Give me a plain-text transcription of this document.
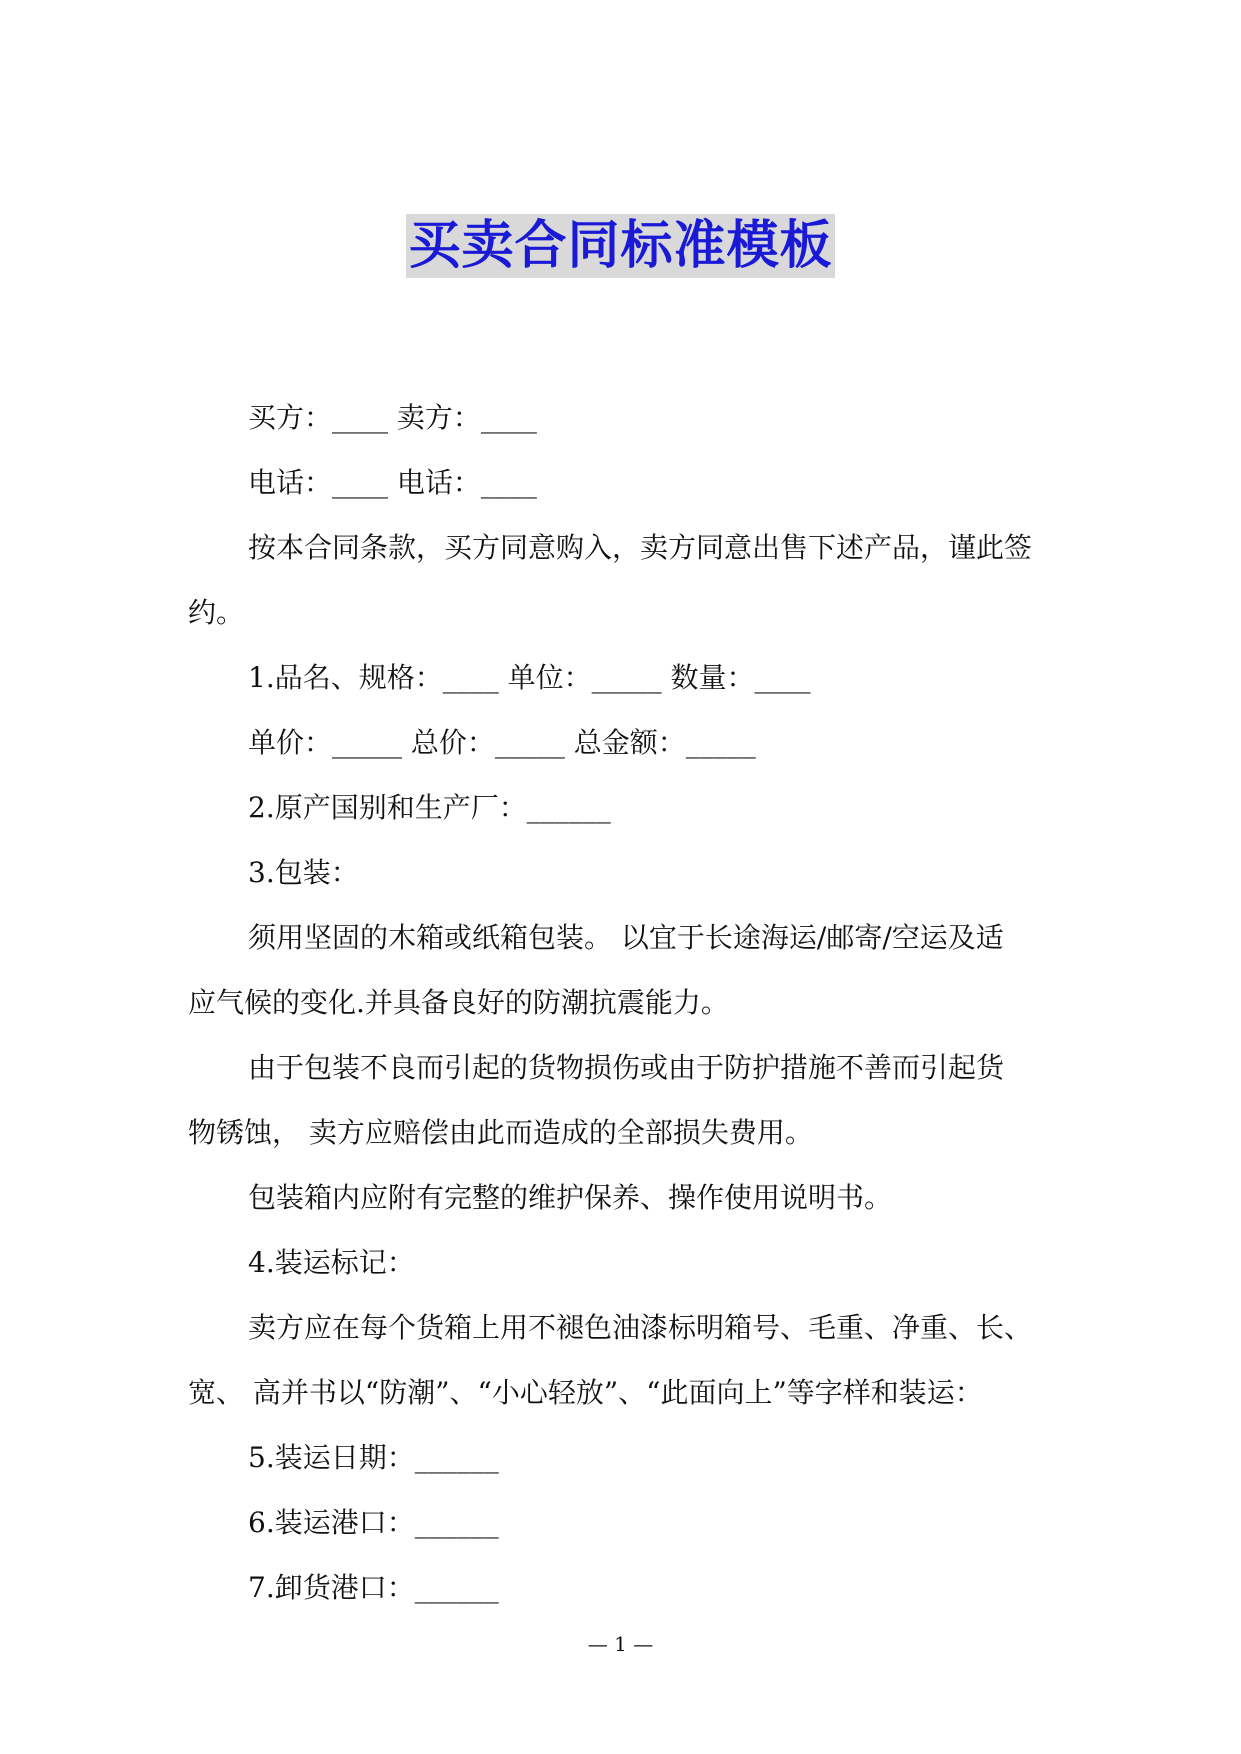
买卖合同标准模板
买方：____ 卖方：____
电话：____ 电话：____
按本合同条款，买方同意购入，卖方同意出售下述产品，谨此签
约。
1.品名、规格：____ 单位：_____ 数量：____
单价：_____ 总价：_____ 总金额：_____
2.原产国别和生产厂：______
3.包装：
须用坚固的木箱或纸箱包装。 以宜于长途海运/邮寄/空运及适
应气候的变化.并具备良好的防潮抗震能力。
由于包装不良而引起的货物损伤或由于防护措施不善而引起货
物锈蚀， 卖方应赔偿由此而造成的全部损失费用。
包装箱内应附有完整的维护保养、操作使用说明书。
4.装运标记：
卖方应在每个货箱上用不褪色油漆标明箱号、毛重、净重、长、
宽、 高并书以“防潮”、“小心轻放”、“此面向上”等字样和装运：
5.装运日期：______
6.装运港口：______
7.卸货港口：______
— 1 —
